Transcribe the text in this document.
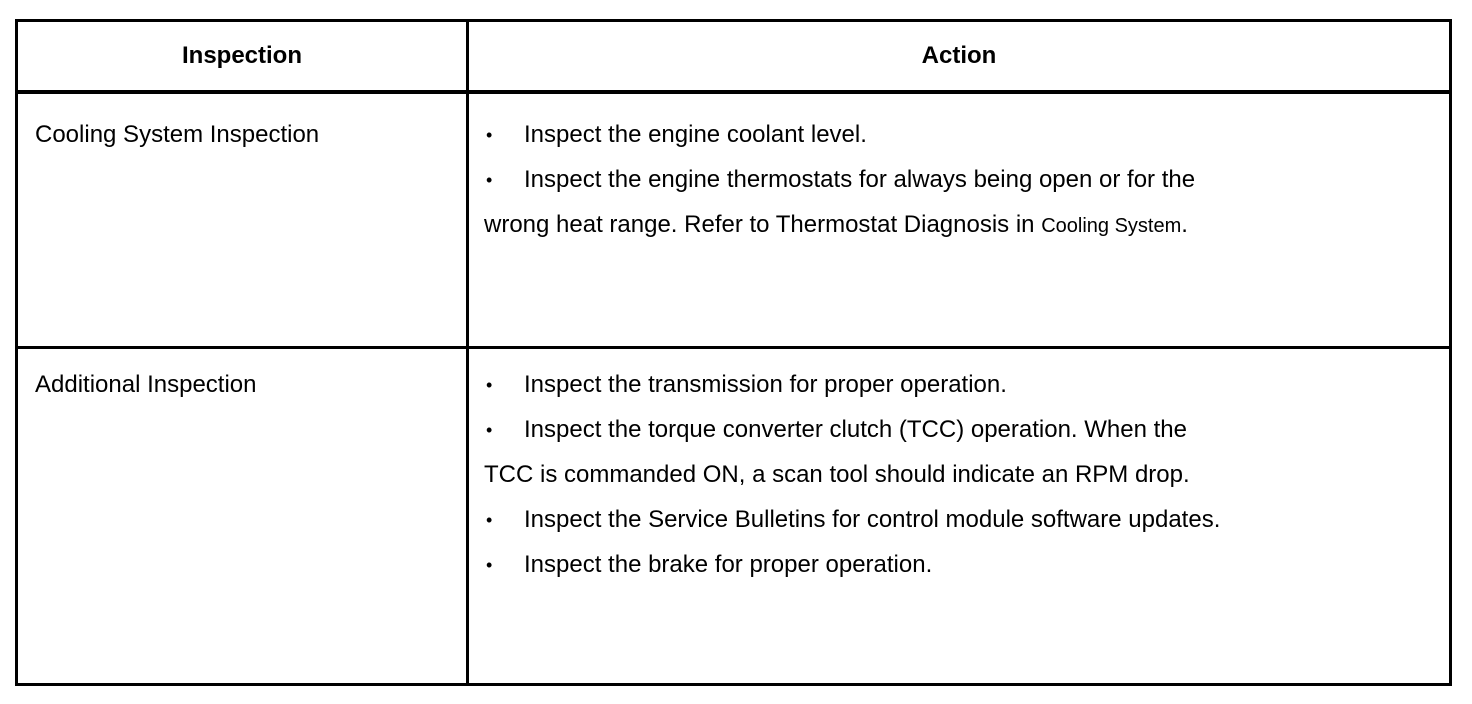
Inspection	Action
Cooling System Inspection	• Inspect the engine coolant level.
• Inspect the engine thermostats for always being open or for the
wrong heat range. Refer to Thermostat Diagnosis in Cooling System.
Additional Inspection	• Inspect the transmission for proper operation.
• Inspect the torque converter clutch (TCC) operation. When the
TCC is commanded ON, a scan tool should indicate an RPM drop.
• Inspect the Service Bulletins for control module software updates.
• Inspect the brake for proper operation.
